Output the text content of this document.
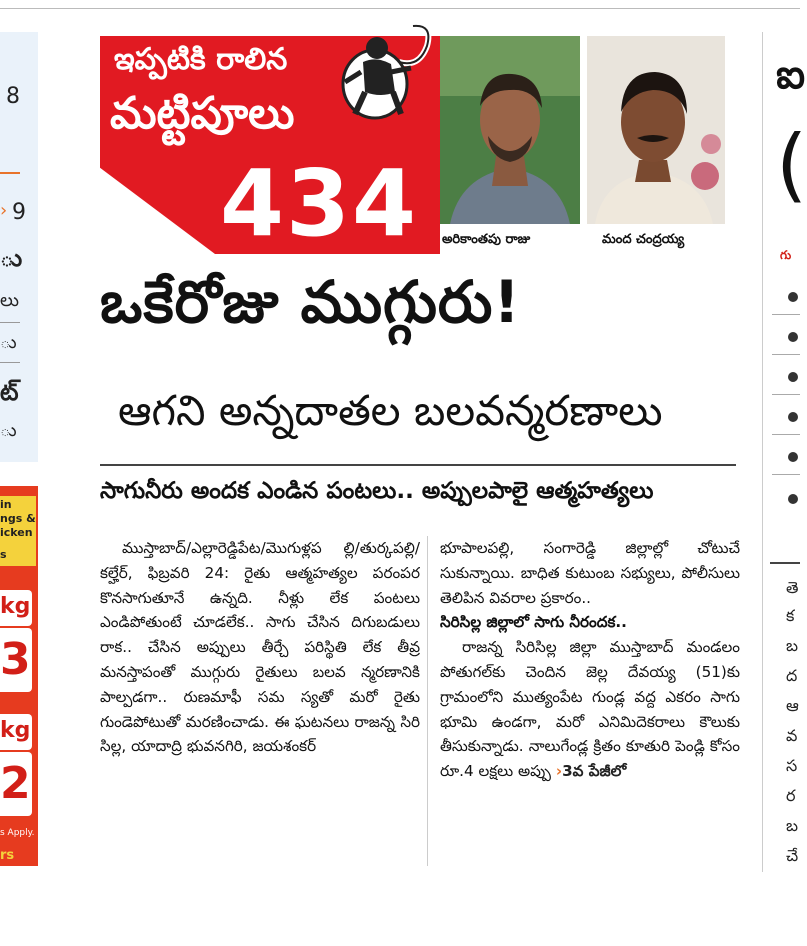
8
› 9
ు
లు
ు
ట్
ు
in
ngs &
icken
s
kg
3
kg
2
s Apply.
rs
ఇప్పటికి రాలిన
మట్టిపూలు
434 అరికాంతపు రాజు	మంద చంద్రయ్య
ఒకేరోజు ముగ్గురు!
ఆగని అన్నదాతల బలవన్మరణాలు
సాగునీరు అందక ఎండిన పంటలు.. అప్పులపాలై ఆత్మహత్యలు

ముస్తాబాద్/ఎల్లారెడ్డిపేట/మొగుళ్లప ల్లి/తుర్కపల్లి/కల్హేర్, ఫిబ్రవరి 24: రైతు ఆత్మహత్యల పరంపర కొనసాగుతూనే ఉన్నది. నీళ్లు లేక పంటలు ఎండిపోతుంటే చూడలేక.. సాగు చేసిన దిగుబడులు రాక.. చేసిన అప్పులు తీర్చే పరిస్థితి లేక తీవ్ర మనస్తాపంతో ముగ్గురు రైతులు బలవ న్మరణానికి పాల్పడగా.. రుణమాఫీ సమ స్యతో మరో రైతు గుండెపోటుతో మరణించాడు. ఈ ఘటనలు రాజన్న సిరి సిల్ల, యాదాద్రి భువనగిరి, జయశంకర్

భూపాలపల్లి, సంగారెడ్డి జిల్లాల్లో చోటుచే సుకున్నాయి. బాధిత కుటుంబ సభ్యులు, పోలీసులు తెలిపిన వివరాల ప్రకారం..

సిరిసిల్ల జిల్లాలో సాగు నీరందక..

రాజన్న సిరిసిల్ల జిల్లా ముస్తాబాద్ మండలం పోతుగల్‌కు చెందిన జెల్ల దేవయ్య (51)కు గ్రామంలోని ముత్యంపేట గుండ్ల వద్ద ఎకరం సాగు భూమి ఉండగా, మరో ఎనిమిదెకరాలు కౌలుకు తీసుకున్నాడు. నాలుగేండ్ల క్రితం కూతురి పెండ్లి కోసం రూ.4 లక్షలు అప్పు ›3వ పేజీలో

ఐ
(
గు
తె
క
బ
ద
ఆ
వ
స
ర
బ
చే
